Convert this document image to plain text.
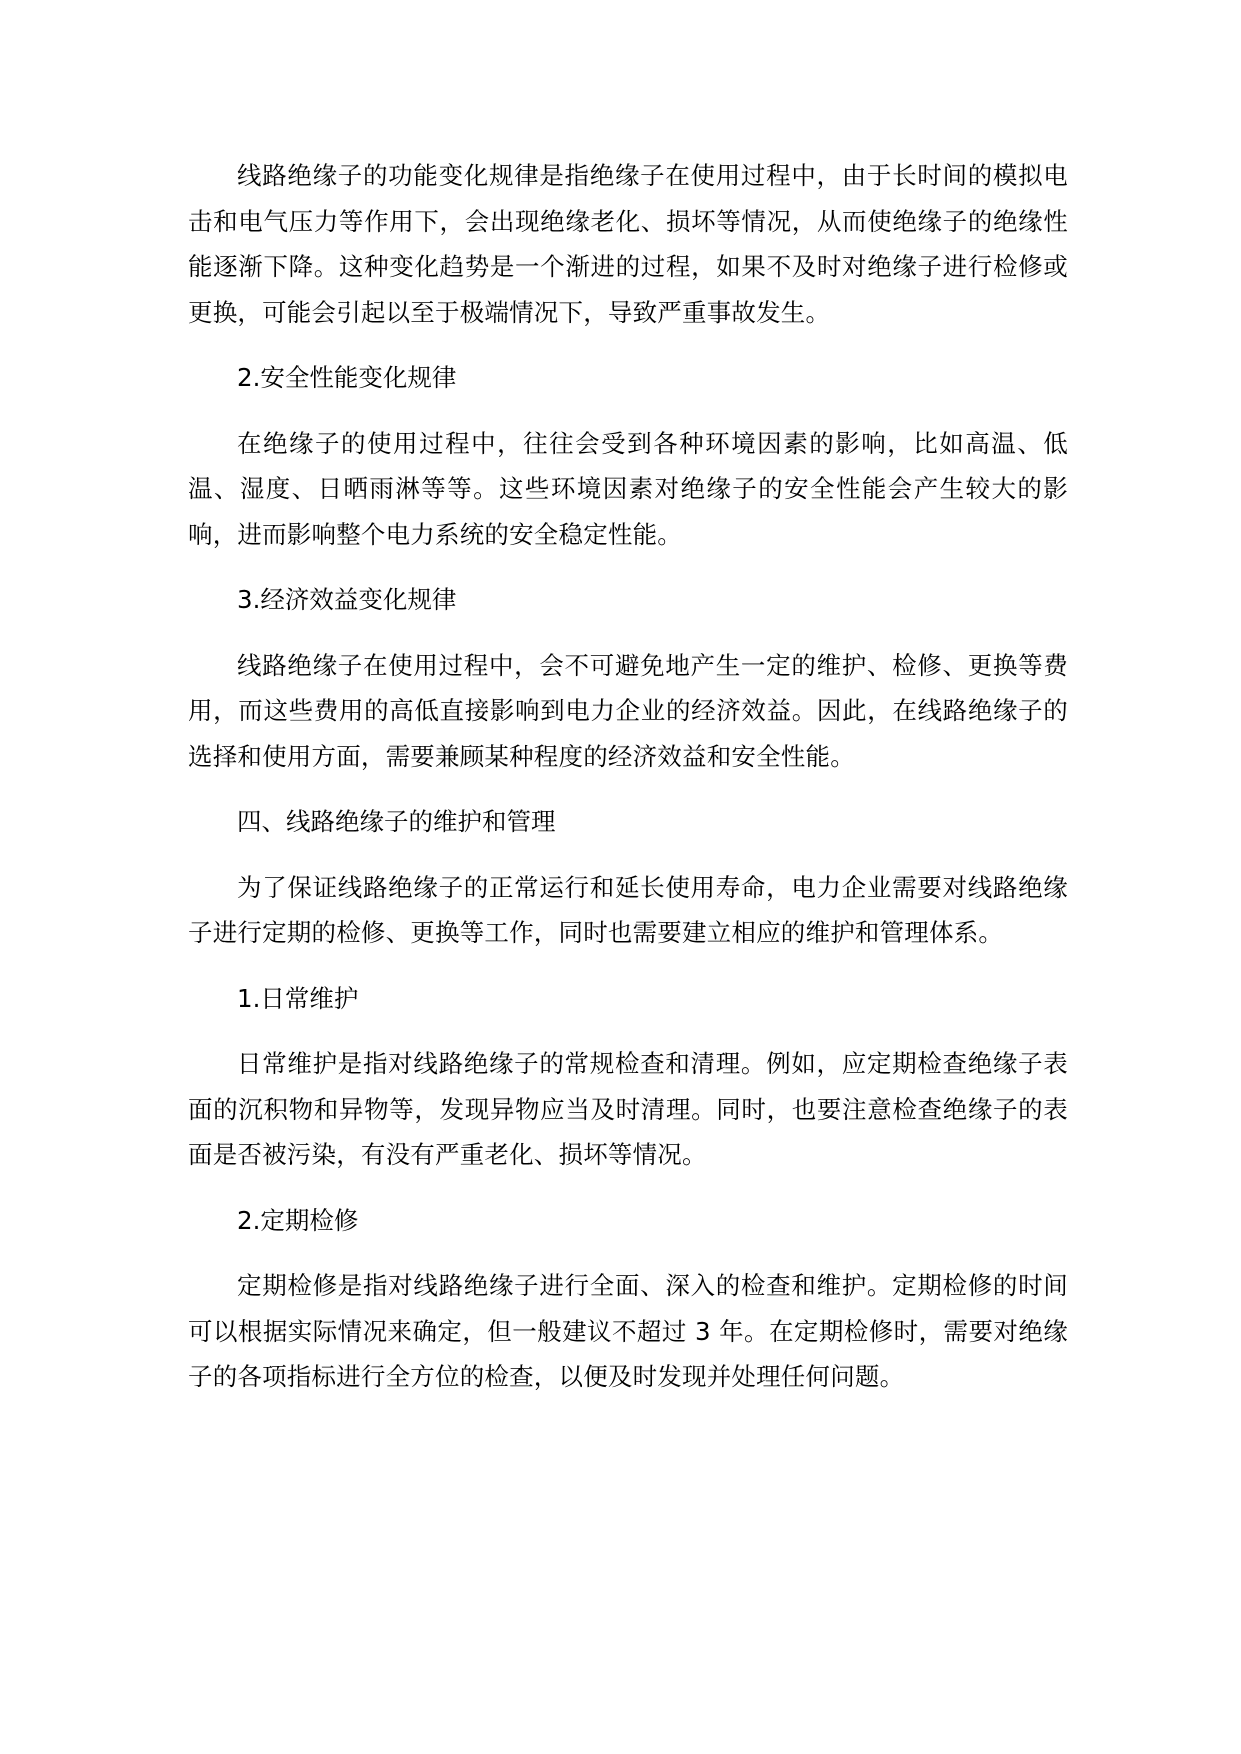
线路绝缘子的功能变化规律是指绝缘子在使用过程中，由于长时间的模拟电击和电气压力等作用下，会出现绝缘老化、损坏等情况，从而使绝缘子的绝缘性能逐渐下降。这种变化趋势是一个渐进的过程，如果不及时对绝缘子进行检修或更换，可能会引起以至于极端情况下，导致严重事故发生。

2.安全性能变化规律

在绝缘子的使用过程中，往往会受到各种环境因素的影响，比如高温、低温、湿度、日晒雨淋等等。这些环境因素对绝缘子的安全性能会产生较大的影响，进而影响整个电力系统的安全稳定性能。

3.经济效益变化规律

线路绝缘子在使用过程中，会不可避免地产生一定的维护、检修、更换等费用，而这些费用的高低直接影响到电力企业的经济效益。因此，在线路绝缘子的选择和使用方面，需要兼顾某种程度的经济效益和安全性能。

四、线路绝缘子的维护和管理

为了保证线路绝缘子的正常运行和延长使用寿命，电力企业需要对线路绝缘子进行定期的检修、更换等工作，同时也需要建立相应的维护和管理体系。

1.日常维护

日常维护是指对线路绝缘子的常规检查和清理。例如，应定期检查绝缘子表面的沉积物和异物等，发现异物应当及时清理。同时，也要注意检查绝缘子的表面是否被污染，有没有严重老化、损坏等情况。

2.定期检修

定期检修是指对线路绝缘子进行全面、深入的检查和维护。定期检修的时间可以根据实际情况来确定，但一般建议不超过 3 年。在定期检修时，需要对绝缘子的各项指标进行全方位的检查，以便及时发现并处理任何问题。
